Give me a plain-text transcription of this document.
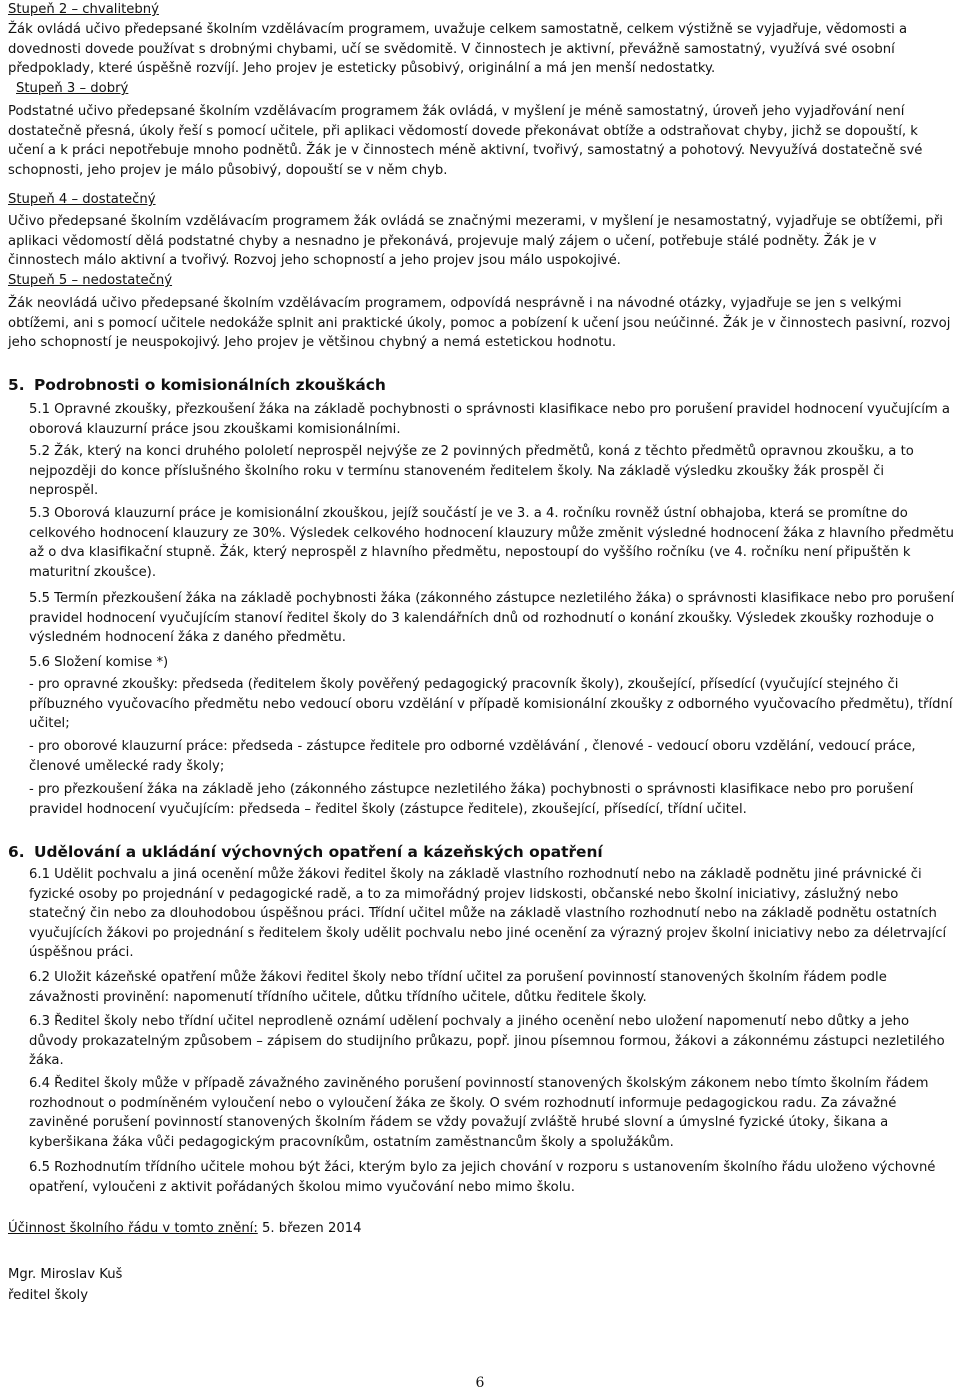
Stupeň 2 – chvalitebný

Žák ovládá učivo předepsané školním vzdělávacím programem, uvažuje celkem samostatně, celkem výstižně se vyjadřuje, vědomosti a dovednosti dovede používat s drobnými chybami, učí se svědomitě. V činnostech je aktivní, převážně samostatný, využívá své osobní předpoklady, které úspěšně rozvíjí. Jeho projev je esteticky působivý, originální a má jen menší nedostatky.

Stupeň 3 – dobrý

Podstatné učivo předepsané školním vzdělávacím programem žák ovládá, v myšlení je méně samostatný, úroveň jeho vyjadřování není dostatečně přesná, úkoly řeší s pomocí učitele, při aplikaci vědomostí dovede překonávat obtíže a odstraňovat chyby, jichž se dopouští, k učení a k práci nepotřebuje mnoho podnětů. Žák je v činnostech méně aktivní, tvořivý, samostatný a pohotový. Nevyužívá dostatečně své schopnosti, jeho projev je málo působivý, dopouští se v něm chyb.

Stupeň 4 – dostatečný

Učivo předepsané školním vzdělávacím programem žák ovládá se značnými mezerami, v myšlení je nesamostatný, vyjadřuje se obtížemi, při aplikaci vědomostí dělá podstatné chyby a nesnadno je překonává, projevuje malý zájem o učení, potřebuje stálé podněty. Žák je v činnostech málo aktivní a tvořivý. Rozvoj jeho schopností a jeho projev jsou málo uspokojivé.

Stupeň 5 – nedostatečný

Žák neovládá učivo předepsané školním vzdělávacím programem, odpovídá nesprávně i na návodné otázky, vyjadřuje se jen s velkými obtížemi, ani s pomocí učitele nedokáže splnit ani praktické úkoly, pomoc a pobízení k učení jsou neúčinné. Žák je v činnostech pasivní, rozvoj jeho schopností je neuspokojivý. Jeho projev je většinou chybný a nemá estetickou hodnotu.

5. Podrobnosti o komisionálních zkouškách

5.1 Opravné zkoušky, přezkoušení žáka na základě pochybnosti o správnosti klasifikace nebo pro porušení pravidel hodnocení vyučujícím a oborová klauzurní práce jsou zkouškami komisionálními.

5.2 Žák, který na konci druhého pololetí neprospěl nejvýše ze 2 povinných předmětů, koná z těchto předmětů opravnou zkoušku, a to nejpozději do konce příslušného školního roku v termínu stanoveném ředitelem školy. Na základě výsledku zkoušky žák prospěl či neprospěl.

5.3 Oborová klauzurní práce je komisionální zkouškou, jejíž součástí je ve 3. a 4. ročníku rovněž ústní obhajoba, která se promítne do celkového hodnocení klauzury ze 30%. Výsledek celkového hodnocení klauzury může změnit výsledné hodnocení žáka z hlavního předmětu až o dva klasifikační stupně. Žák, který neprospěl z hlavního předmětu, nepostoupí do vyššího ročníku (ve 4. ročníku není připuštěn k maturitní zkoušce).

5.5 Termín přezkoušení žáka na základě pochybnosti žáka (zákonného zástupce nezletilého žáka) o správnosti klasifikace nebo pro porušení pravidel hodnocení vyučujícím stanoví ředitel školy do 3 kalendářních dnů od rozhodnutí o konání zkoušky. Výsledek zkoušky rozhoduje o výsledném hodnocení žáka z daného předmětu.

5.6 Složení komise *)

- pro opravné zkoušky: předseda (ředitelem školy pověřený pedagogický pracovník školy), zkoušející, přísedící (vyučující stejného či příbuzného vyučovacího předmětu nebo vedoucí oboru vzdělání v případě komisionální zkoušky z odborného vyučovacího předmětu), třídní učitel;

- pro oborové klauzurní práce: předseda - zástupce ředitele pro odborné vzdělávání , členové - vedoucí oboru vzdělání, vedoucí práce, členové umělecké rady školy;

- pro přezkoušení žáka na základě jeho (zákonného zástupce nezletilého žáka) pochybnosti o správnosti klasifikace nebo pro porušení pravidel hodnocení vyučujícím: předseda – ředitel školy (zástupce ředitele), zkoušející, přísedící, třídní učitel.

6. Udělování a ukládání výchovných opatření a kázeňských opatření

6.1 Udělit pochvalu a jiná ocenění může žákovi ředitel školy na základě vlastního rozhodnutí nebo na základě podnětu jiné právnické či fyzické osoby po projednání v pedagogické radě, a to za mimořádný projev lidskosti, občanské nebo školní iniciativy, záslužný nebo statečný čin nebo za dlouhodobou úspěšnou práci. Třídní učitel může na základě vlastního rozhodnutí nebo na základě podnětu ostatních vyučujících žákovi po projednání s ředitelem školy udělit pochvalu nebo jiné ocenění za výrazný projev školní iniciativy nebo za déletrvající úspěšnou práci.

6.2 Uložit kázeňské opatření může žákovi ředitel školy nebo třídní učitel za porušení povinností stanovených školním řádem podle závažnosti provinění: napomenutí třídního učitele, důtku třídního učitele, důtku ředitele školy.

6.3 Ředitel školy nebo třídní učitel neprodleně oznámí udělení pochvaly a jiného ocenění nebo uložení napomenutí nebo důtky a jeho důvody prokazatelným způsobem – zápisem do studijního průkazu, popř. jinou písemnou formou, žákovi a zákonnému zástupci nezletilého žáka.

6.4 Ředitel školy může v případě závažného zaviněného porušení povinností stanovených školským zákonem nebo tímto školním řádem rozhodnout o podmíněném vyloučení nebo o vyloučení žáka ze školy. O svém rozhodnutí informuje pedagogickou radu. Za závažné zaviněné porušení povinností stanovených školním řádem se vždy považují zvláště hrubé slovní a úmyslné fyzické útoky, šikana a kyberšikana žáka vůči pedagogickým pracovníkům, ostatním zaměstnancům školy a spolužákům.

6.5 Rozhodnutím třídního učitele mohou být žáci, kterým bylo za jejich chování v rozporu s ustanovením školního řádu uloženo výchovné opatření, vyloučeni z aktivit pořádaných školou mimo vyučování nebo mimo školu.

Účinnost školního řádu v tomto znění: 5. březen 2014
Mgr. Miroslav Kuš
ředitel školy
6
